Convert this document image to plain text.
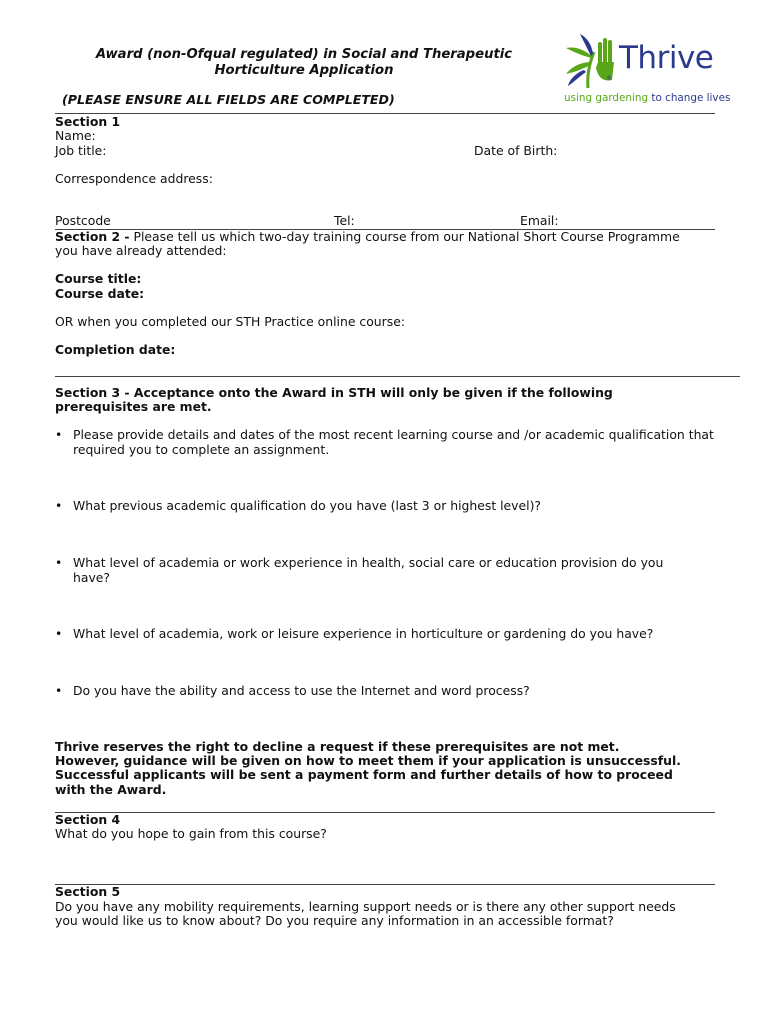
Award (non-Ofqual regulated) in Social and Therapeutic
Horticulture Application
(PLEASE ENSURE ALL FIELDS ARE COMPLETED)
®
Thrive
using gardening to change lives
Section 1
Name:
Job title:	Date of Birth:
Correspondence address:
Postcode	Tel:	Email:
Section 2 - Please tell us which two-day training course from our National Short Course Programme
you have already attended:
Course title:
Course date:
OR when you completed our STH Practice online course:
Completion date:
Section 3 - Acceptance onto the Award in STH will only be given if the following
prerequisites are met.
• Please provide details and dates of the most recent learning course and /or academic qualification that required you to complete an assignment.
• What previous academic qualification do you have (last 3 or highest level)?
• What level of academia or work experience in health, social care or education provision do you have?
• What level of academia, work or leisure experience in horticulture or gardening do you have?
• Do you have the ability and access to use the Internet and word process?
Thrive reserves the right to decline a request if these prerequisites are not met.
However, guidance will be given on how to meet them if your application is unsuccessful.
Successful applicants will be sent a payment form and further details of how to proceed
with the Award.
Section 4
What do you hope to gain from this course?
Section 5
Do you have any mobility requirements, learning support needs or is there any other support needs
you would like us to know about? Do you require any information in an accessible format?
